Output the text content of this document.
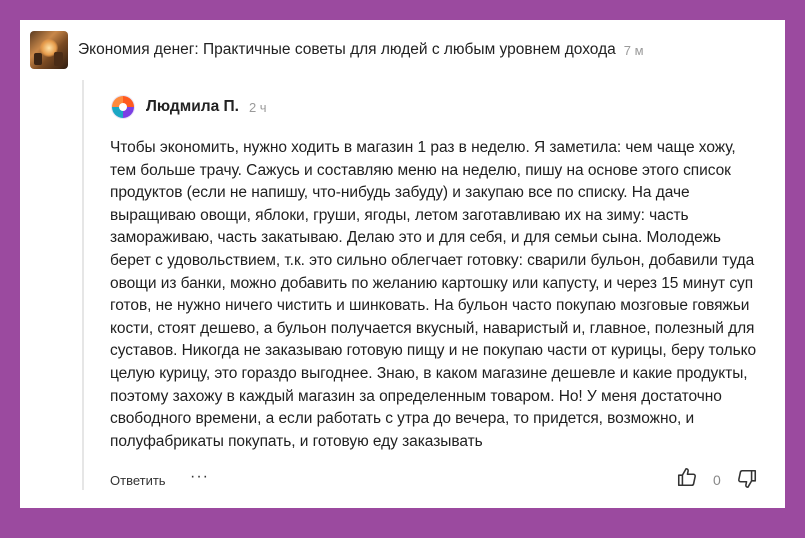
Экономия денег: Практичные советы для людей с любым уровнем дохода 7 м
Людмила П. 2 ч
Чтобы экономить, нужно ходить в магазин 1 раз в неделю. Я заметила: чем чаще хожу, тем больше трачу. Сажусь и составляю меню на неделю, пишу на основе этого список продуктов (если не напишу, что-нибудь забуду) и закупаю все по списку. На даче выращиваю овощи, яблоки, груши, ягоды, летом заготавливаю их на зиму: часть замораживаю, часть закатываю. Делаю это и для себя, и для семьи сына. Молодежь берет с удовольствием, т.к. это сильно облегчает готовку: сварили бульон, добавили туда овощи из банки, можно добавить по желанию картошку или капусту, и через 15 минут суп готов, не нужно ничего чистить и шинковать. На бульон часто покупаю мозговые говяжьи кости, стоят дешево, а бульон получается вкусный, наваристый и, главное, полезный для суставов. Никогда не заказываю готовую пищу и не покупаю части от курицы, беру только целую курицу, это гораздо выгоднее. Знаю, в каком магазине дешевле и какие продукты, поэтому захожу в каждый магазин за определенным товаром. Но! У меня достаточно свободного времени, а если работать с утра до вечера, то придется, возможно, и полуфабрикаты покупать, и готовую еду заказывать
Ответить ···	0
